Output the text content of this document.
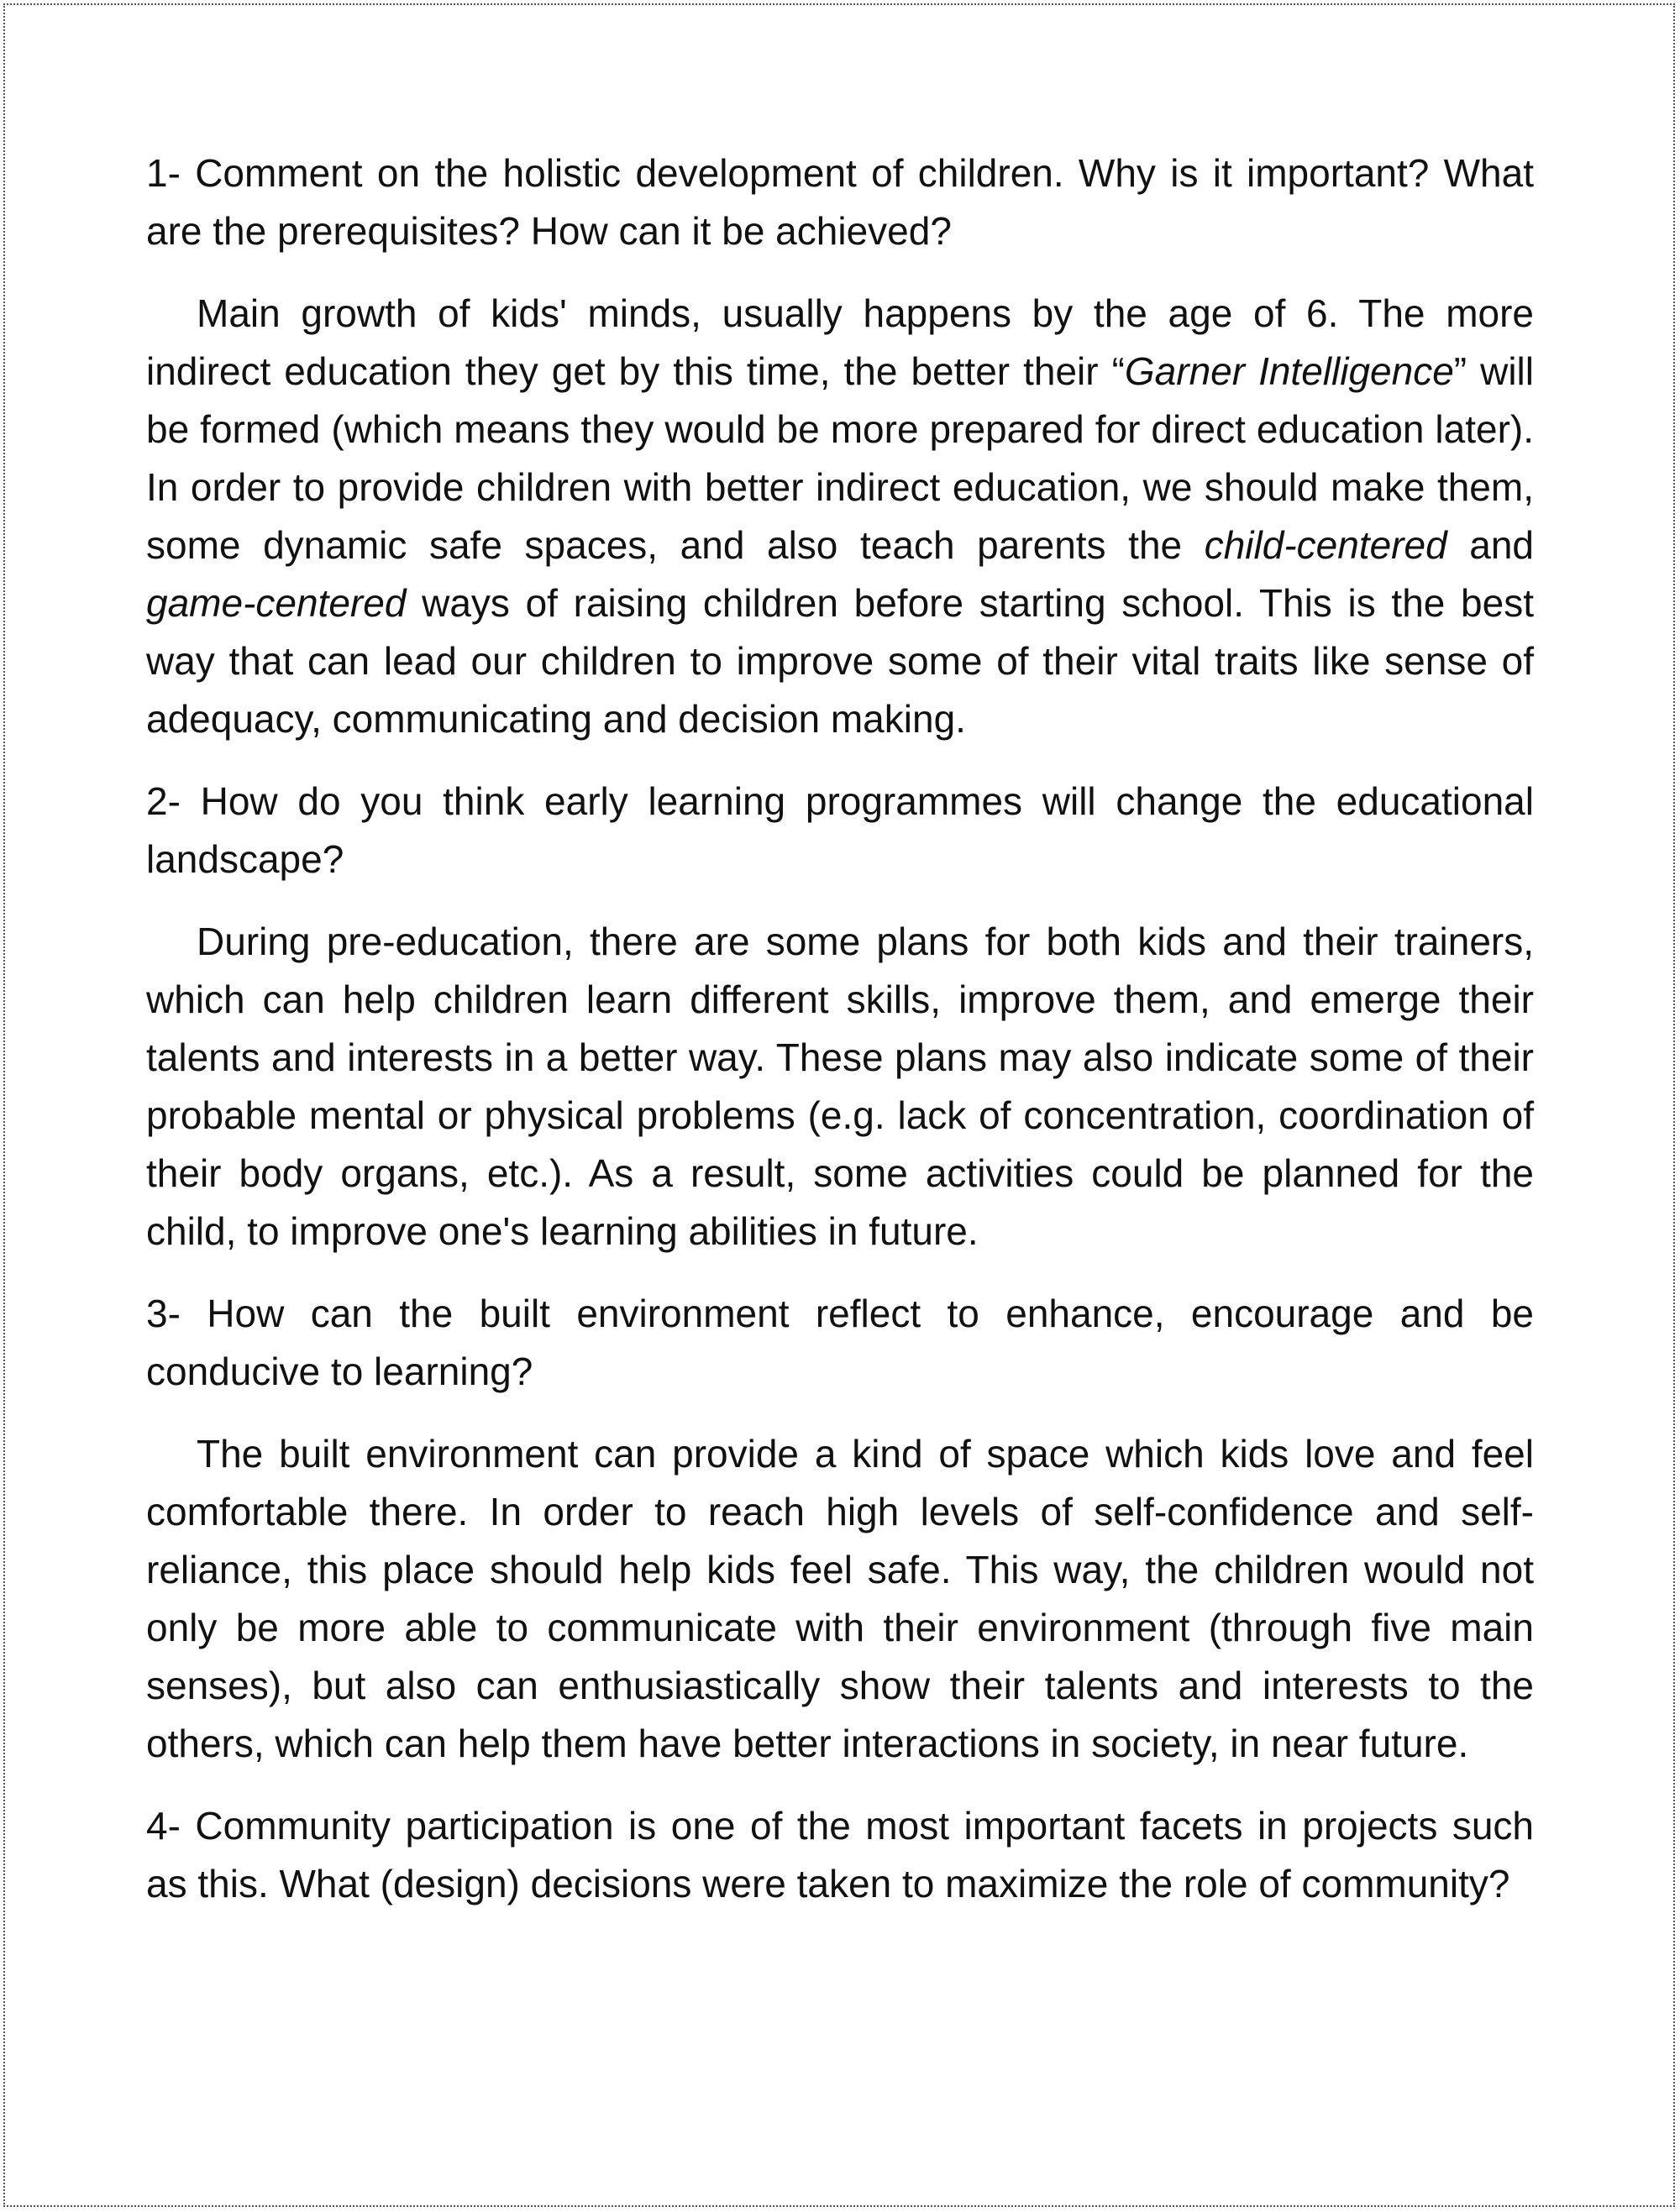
1- Comment on the holistic development of children. Why is it important? What are the prerequisites? How can it be achieved?

Main growth of kids' minds, usually happens by the age of 6. The more indirect education they get by this time, the better their “Garner Intelligence” will be formed (which means they would be more prepared for direct education later). In order to provide children with better indirect education, we should make them, some dynamic safe spaces, and also teach parents the child-centered and game-centered ways of raising children before starting school. This is the best way that can lead our children to improve some of their vital traits like sense of adequacy, communicating and decision making.

2- How do you think early learning programmes will change the educational landscape?

During pre-education, there are some plans for both kids and their trainers, which can help children learn different skills, improve them, and emerge their talents and interests in a better way. These plans may also indicate some of their probable mental or physical problems (e.g. lack of concentration, coordination of their body organs, etc.). As a result, some activities could be planned for the child, to improve one's learning abilities in future.

3- How can the built environment reflect to enhance, encourage and be conducive to learning?

The built environment can provide a kind of space which kids love and feel comfortable there. In order to reach high levels of self-confidence and self-reliance, this place should help kids feel safe. This way, the children would not only be more able to communicate with their environment (through five main senses), but also can enthusiastically show their talents and interests to the others, which can help them have better interactions in society, in near future.

4- Community participation is one of the most important facets in projects such as this. What (design) decisions were taken to maximize the role of community?
